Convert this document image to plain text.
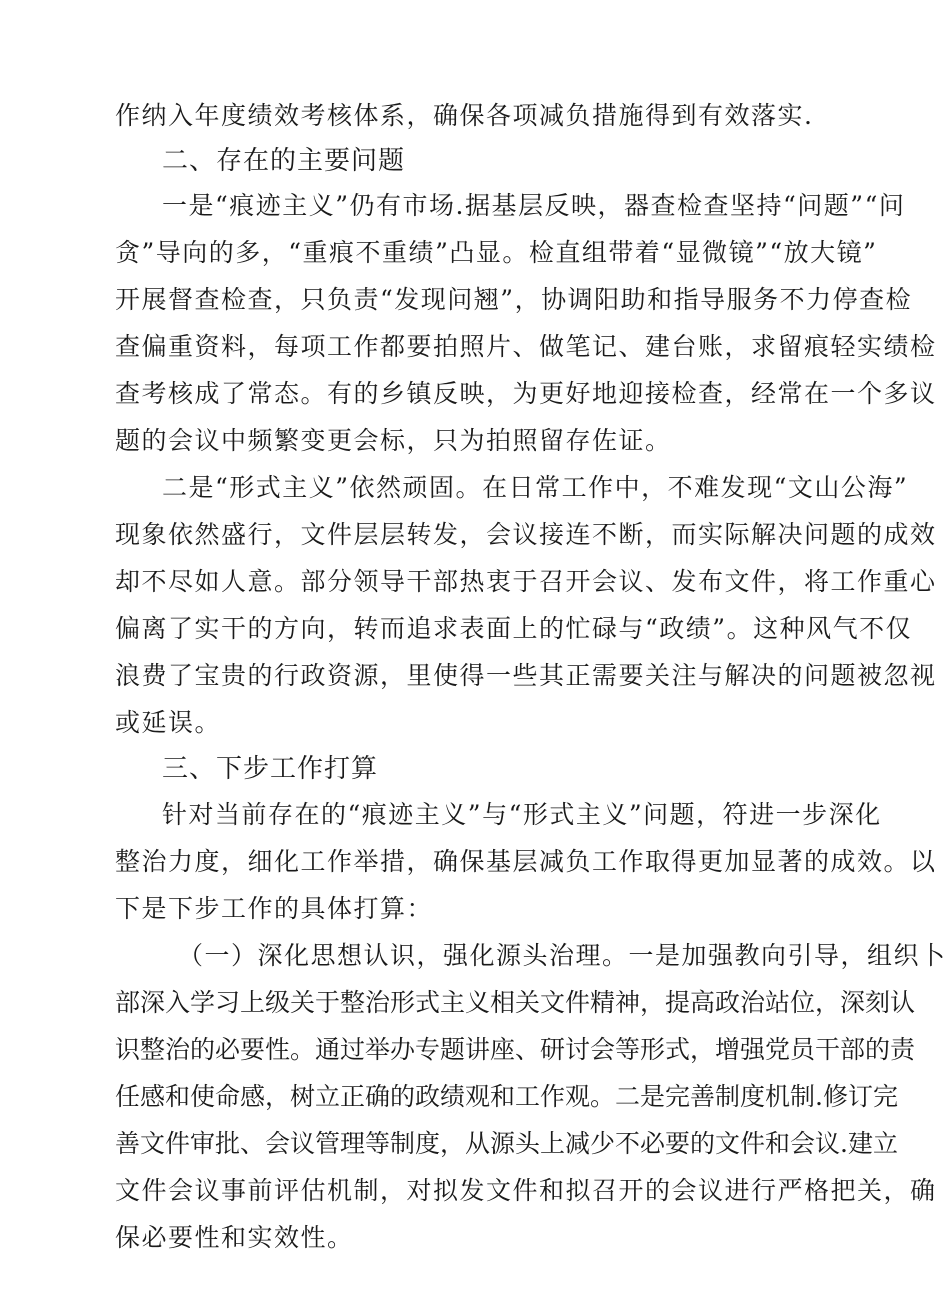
作纳入年度绩效考核体系，确保各项减负措施得到有效落实.
二、存在的主要问题
一是“痕迹主义”仍有市场.据基层反映，器查检查坚持“问题”“问
贪”导向的多，“重痕不重绩”凸显。检直组带着“显微镜”“放大镜”
开展督查检查，只负责“发现问翘”，协调阳助和指导服务不力停查检
查偏重资料，每项工作都要拍照片、做笔记、建台账，求留痕轻实绩检
查考核成了常态。有的乡镇反映，为更好地迎接检查，经常在一个多议
题的会议中频繁变更会标，只为拍照留存佐证。
二是“形式主义”依然顽固。在日常工作中，不难发现“文山公海”
现象依然盛行，文件层层转发，会议接连不断，而实际解决问题的成效
却不尽如人意。部分领导干部热衷于召开会议、发布文件，将工作重心
偏离了实干的方向，转而追求表面上的忙碌与“政绩”。这种风气不仅
浪费了宝贵的行政资源，里使得一些其正需要关注与解决的问题被忽视
或延误。
三、下步工作打算
针对当前存在的“痕迹主义”与“形式主义”问题，符进一步深化
整治力度，细化工作举措，确保基层减负工作取得更加显著的成效。以
下是下步工作的具体打算：
（一）深化思想认识，强化源头治理。一是加强教向引导，组织卜
部深入学习上级关于整治形式主义相关文件精神，提高政治站位，深刻认
识整治的必要性。通过举办专题讲座、研讨会等形式，增强党员干部的责
任感和使命感，树立正确的政绩观和工作观。二是完善制度机制.修订完
善文件审批、会议管理等制度，从源头上减少不必要的文件和会议.建立
文件会议事前评估机制，对拟发文件和拟召开的会议进行严格把关，确
保必要性和实效性。
